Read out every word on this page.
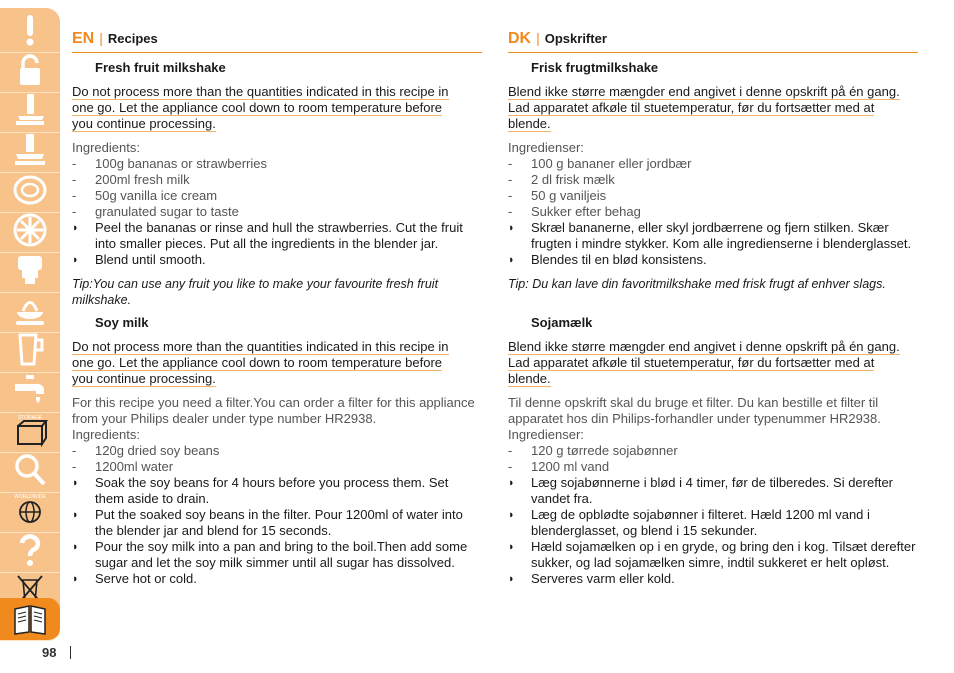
STORAGE
WORLDWIDE
98
EN | Recipes
Fresh fruit milkshake
Do not process more than the quantities indicated in this recipe in
one go. Let the appliance cool down to room temperature before
you continue processing.
Ingredients:
-	100g bananas or strawberries
-	200ml fresh milk
-	50g vanilla ice cream
-	granulated sugar to taste
◗	Peel the bananas or rinse and hull the strawberries. Cut the fruit
into smaller pieces. Put all the ingredients in the blender jar.
◗	Blend until smooth.
Tip:You can use any fruit you like to make your favourite fresh fruit
milkshake.
Soy milk
Do not process more than the quantities indicated in this recipe in
one go. Let the appliance cool down to room temperature before
you continue processing.
For this recipe you need a filter.You can order a filter for this appliance
from your Philips dealer under type number HR2938.
Ingredients:
-	120g dried soy beans
-	1200ml water
◗	Soak the soy beans for 4 hours before you process them. Set
them aside to drain.
◗	Put the soaked soy beans in the filter. Pour 1200ml of water into
the blender jar and blend for 15 seconds.
◗	Pour the soy milk into a pan and bring to the boil.Then add some
sugar and let the soy milk simmer until all sugar has dissolved.
◗	Serve hot or cold.
DK | Opskrifter
Frisk frugtmilkshake
Blend ikke større mængder end angivet i denne opskrift på én gang.
Lad apparatet afkøle til stuetemperatur, før du fortsætter med at
blende.
Ingredienser:
-	100 g bananer eller jordbær
-	2 dl frisk mælk
-	50 g vaniljeis
-	Sukker efter behag
◗	Skræl bananerne, eller skyl jordbærrene og fjern stilken. Skær
frugten i mindre stykker. Kom alle ingredienserne i blenderglasset.
◗	Blendes til en blød konsistens.
Tip: Du kan lave din favoritmilkshake med frisk frugt af enhver slags.
Sojamælk
Blend ikke større mængder end angivet i denne opskrift på én gang.
Lad apparatet afkøle til stuetemperatur, før du fortsætter med at
blende.
Til denne opskrift skal du bruge et filter. Du kan bestille et filter til
apparatet hos din Philips-forhandler under typenummer HR2938.
Ingredienser:
-	120 g tørrede sojabønner
-	1200 ml vand
◗	Læg sojabønnerne i blød i 4 timer, før de tilberedes. Si derefter
vandet fra.
◗	Læg de opblødte sojabønner i filteret. Hæld 1200 ml vand i
blenderglasset, og blend i 15 sekunder.
◗	Hæld sojamælken op i en gryde, og bring den i kog. Tilsæt derefter
sukker, og lad sojamælken simre, indtil sukkeret er helt opløst.
◗	Serveres varm eller kold.
